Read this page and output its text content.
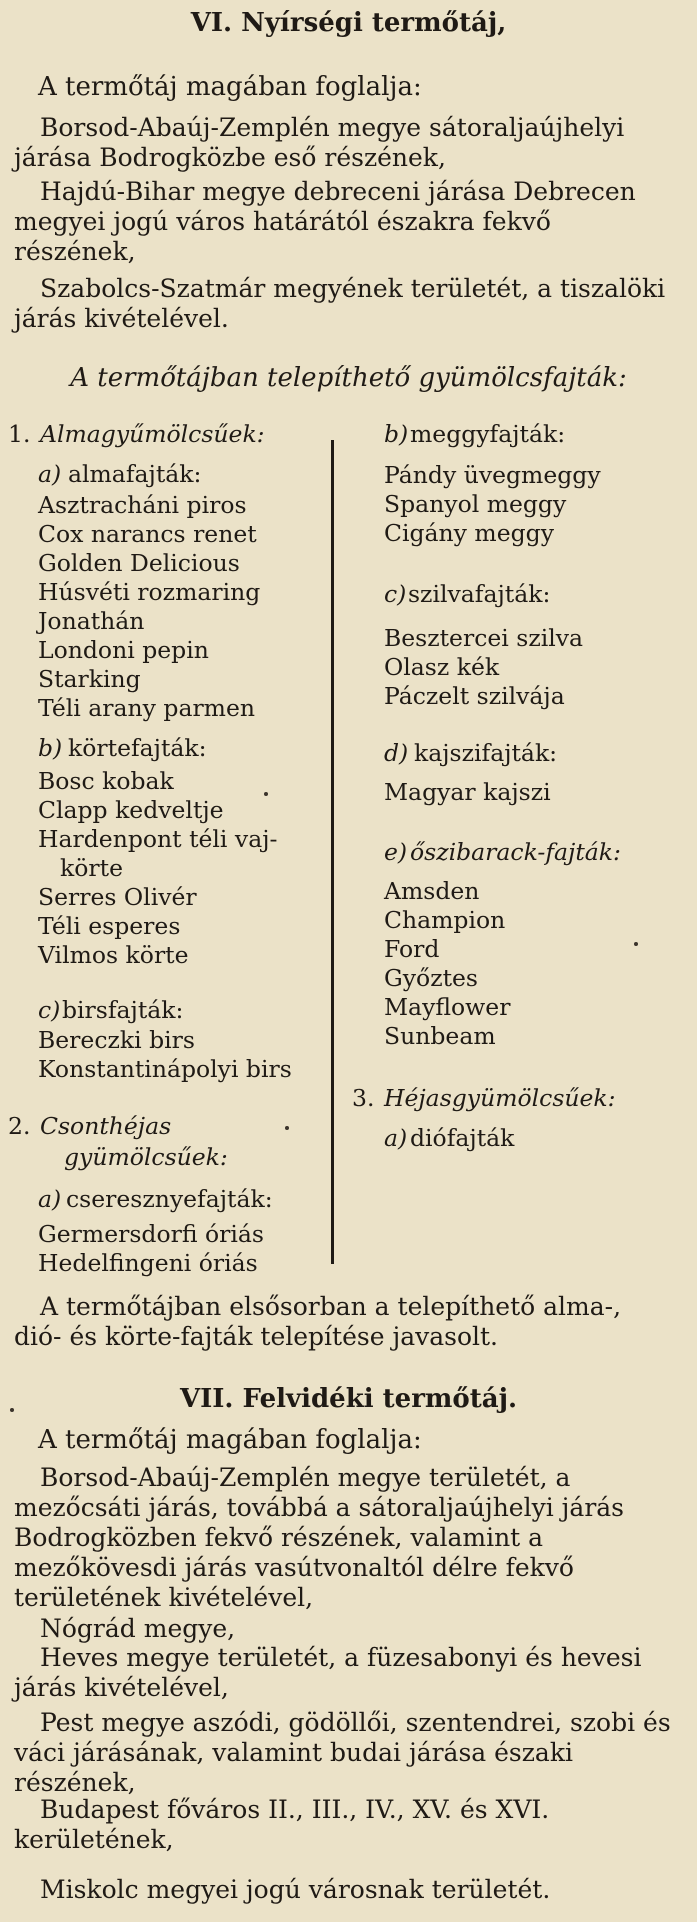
VI. Nyírségi termőtáj,
A termőtáj magában foglalja:
Borsod-Abaúj-Zemplén megye sátoraljaújhelyi járása Bodrogközbe eső részének,
Hajdú-Bihar megye debreceni járása Debrecen megyei jogú város határától északra fekvő részének,
Szabolcs-Szatmár megyének területét, a tiszalöki járás kivételével.
A termőtájban telepíthető gyümölcsfajták:
1. Almagyűmölcsűek:
a) almafajták:
Asztracháni piros
Cox narancs renet
Golden Delicious
Húsvéti rozmaring
Jonathán
Londoni pepin
Starking
Téli arany parmen
b) körtefajták:
Bosc kobak
Clapp kedveltje
Hardenpont téli vaj-
körte
Serres Olivér
Téli esperes
Vilmos körte
c) birsfajták:
Bereczki birs
Konstantinápolyi birs
2. Csonthéjas
gyümölcsűek:
a) cseresznyefajták:
Germersdorfi óriás
Hedelfingeni óriás
b) meggyfajták:
Pándy üvegmeggy
Spanyol meggy
Cigány meggy
c) szilvafajták:
Besztercei szilva
Olasz kék
Páczelt szilvája
d) kajszifajták:
Magyar kajszi
e) őszibarack-fajták:
Amsden
Champion
Ford
Győztes
Mayflower
Sunbeam
3. Héjasgyümölcsűek:
a) diófajták
A termőtájban elsősorban a telepíthető alma-, dió- és körte-fajták telepítése javasolt.
VII. Felvidéki termőtáj.
A termőtáj magában foglalja:
Borsod-Abaúj-Zemplén megye területét, a mezőcsáti járás, továbbá a sátoraljaújhelyi járás Bodrogközben fekvő részének, valamint a mezőkövesdi járás vasútvonaltól délre fekvő területének kivételével,
Nógrád megye,
Heves megye területét, a füzesabonyi és hevesi járás kivételével,
Pest megye aszódi, gödöllői, szentendrei, szobi és váci járásának, valamint budai járása északi részének,
Budapest főváros II., III., IV., XV. és XVI. kerületének,
Miskolc megyei jogú városnak területét.
